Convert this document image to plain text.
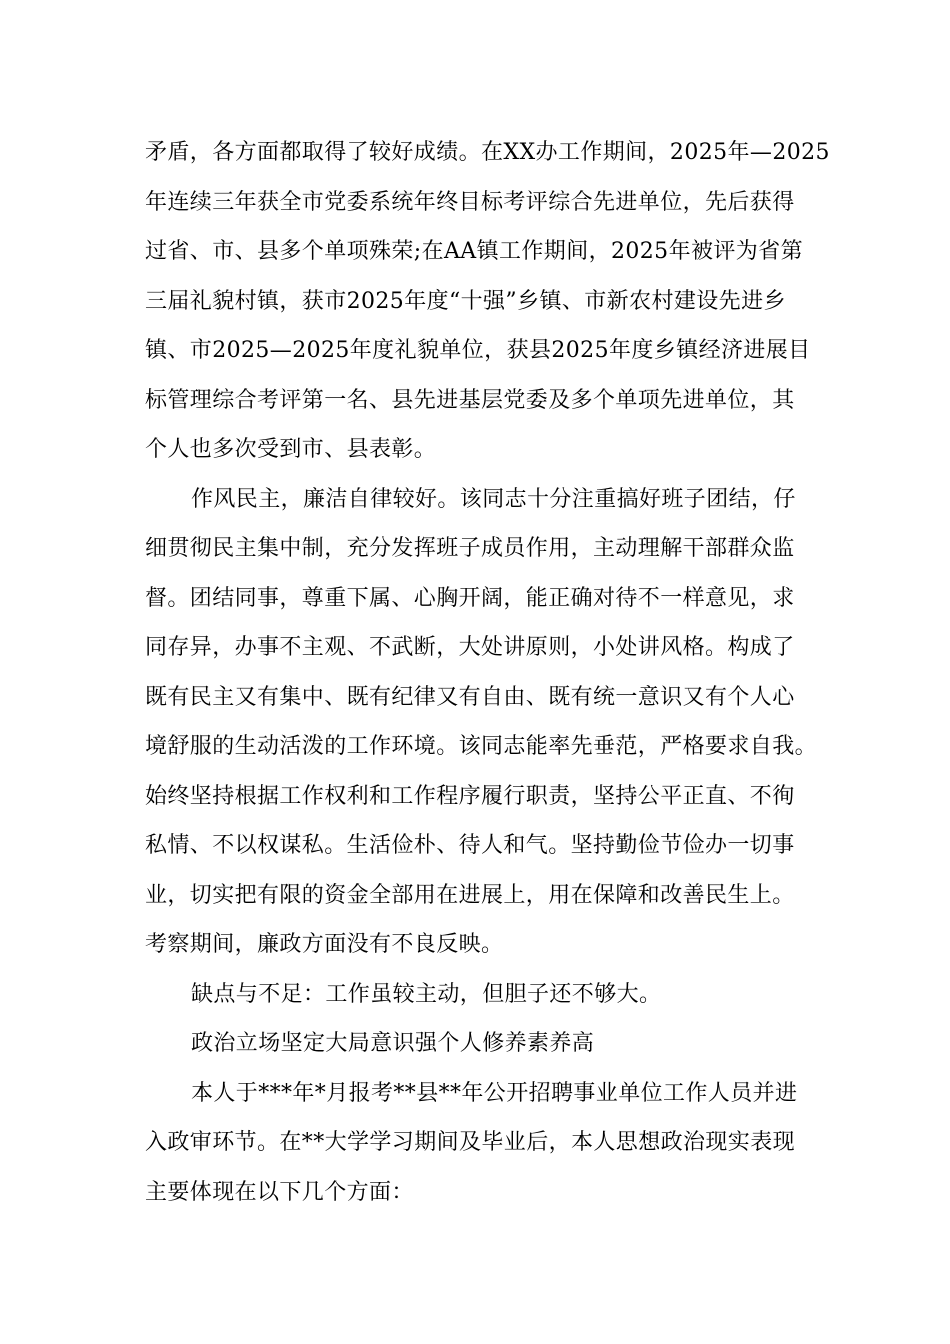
矛盾，各方面都取得了较好成绩。在XX办工作期间，2025年—2025
年连续三年获全市党委系统年终目标考评综合先进单位，先后获得
过省、市、县多个单项殊荣;在AA镇工作期间，2025年被评为省第
三届礼貌村镇，获市2025年度“十强”乡镇、市新农村建设先进乡
镇、市2025—2025年度礼貌单位，获县2025年度乡镇经济进展目
标管理综合考评第一名、县先进基层党委及多个单项先进单位，其
个人也多次受到市、县表彰。

作风民主，廉洁自律较好。该同志十分注重搞好班子团结，仔
细贯彻民主集中制，充分发挥班子成员作用，主动理解干部群众监
督。团结同事，尊重下属、心胸开阔，能正确对待不一样意见，求
同存异，办事不主观、不武断，大处讲原则，小处讲风格。构成了
既有民主又有集中、既有纪律又有自由、既有统一意识又有个人心
境舒服的生动活泼的工作环境。该同志能率先垂范，严格要求自我。
始终坚持根据工作权利和工作程序履行职责，坚持公平正直、不徇
私情、不以权谋私。生活俭朴、待人和气。坚持勤俭节俭办一切事
业，切实把有限的资金全部用在进展上，用在保障和改善民生上。
考察期间，廉政方面没有不良反映。

缺点与不足：工作虽较主动，但胆子还不够大。

政治立场坚定大局意识强个人修养素养高

本人于***年*月报考**县**年公开招聘事业单位工作人员并进
入政审环节。在**大学学习期间及毕业后，本人思想政治现实表现
主要体现在以下几个方面：
